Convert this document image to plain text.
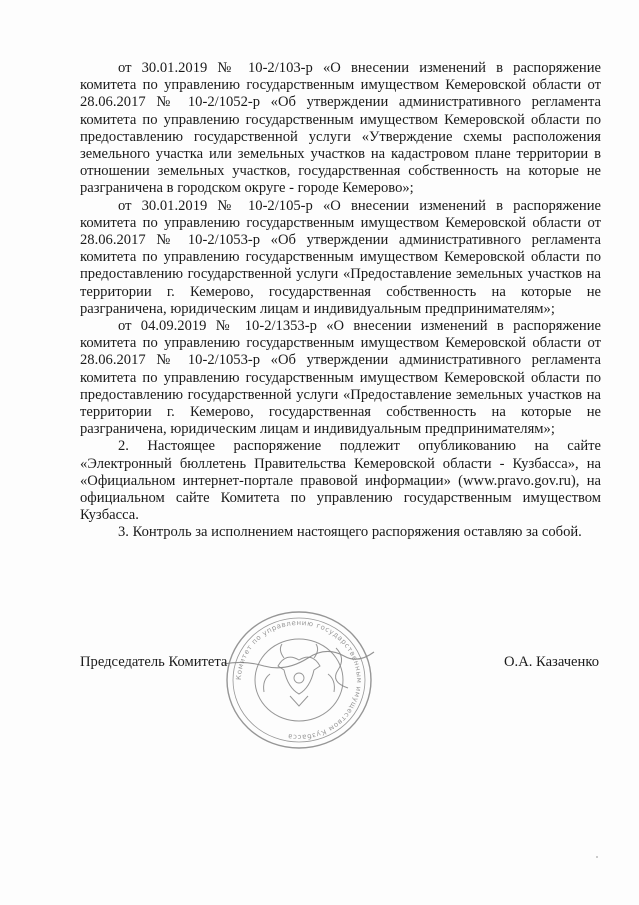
от 30.01.2019 № 10-2/103-р «О внесении изменений в распоряжение комитета по управлению государственным имуществом Кемеровской области от 28.06.2017 № 10-2/1052-р «Об утверждении административного регламента комитета по управлению государственным имуществом Кемеровской области по предоставлению государственной услуги «Утверждение схемы расположения земельного участка или земельных участков на кадастровом плане территории в отношении земельных участков, государственная собственность на которые не разграничена в городском округе - городе Кемерово»;

от 30.01.2019 № 10-2/105-р «О внесении изменений в распоряжение комитета по управлению государственным имуществом Кемеровской области от 28.06.2017 № 10-2/1053-р «Об утверждении административного регламента комитета по управлению государственным имуществом Кемеровской области по предоставлению государственной услуги «Предоставление земельных участков на территории г. Кемерово, государственная собственность на которые не разграничена, юридическим лицам и индивидуальным предпринимателям»;

от 04.09.2019 № 10-2/1353-р «О внесении изменений в распоряжение комитета по управлению государственным имуществом Кемеровской области от 28.06.2017 № 10-2/1053-р «Об утверждении административного регламента комитета по управлению государственным имуществом Кемеровской области по предоставлению государственной услуги «Предоставление земельных участков на территории г. Кемерово, государственная собственность на которые не разграничена, юридическим лицам и индивидуальным предпринимателям»;

2. Настоящее распоряжение подлежит опубликованию на сайте «Электронный бюллетень Правительства Кемеровской области - Кузбасса», на «Официальном интернет-портале правовой информации» (www.pravo.gov.ru), на официальном сайте Комитета по управлению государственным имуществом Кузбасса.

3. Контроль за исполнением настоящего распоряжения оставляю за собой.

Комитет по управлению государственным имуществом Кузбасса
Председатель Комитета	О.А. Казаченко
